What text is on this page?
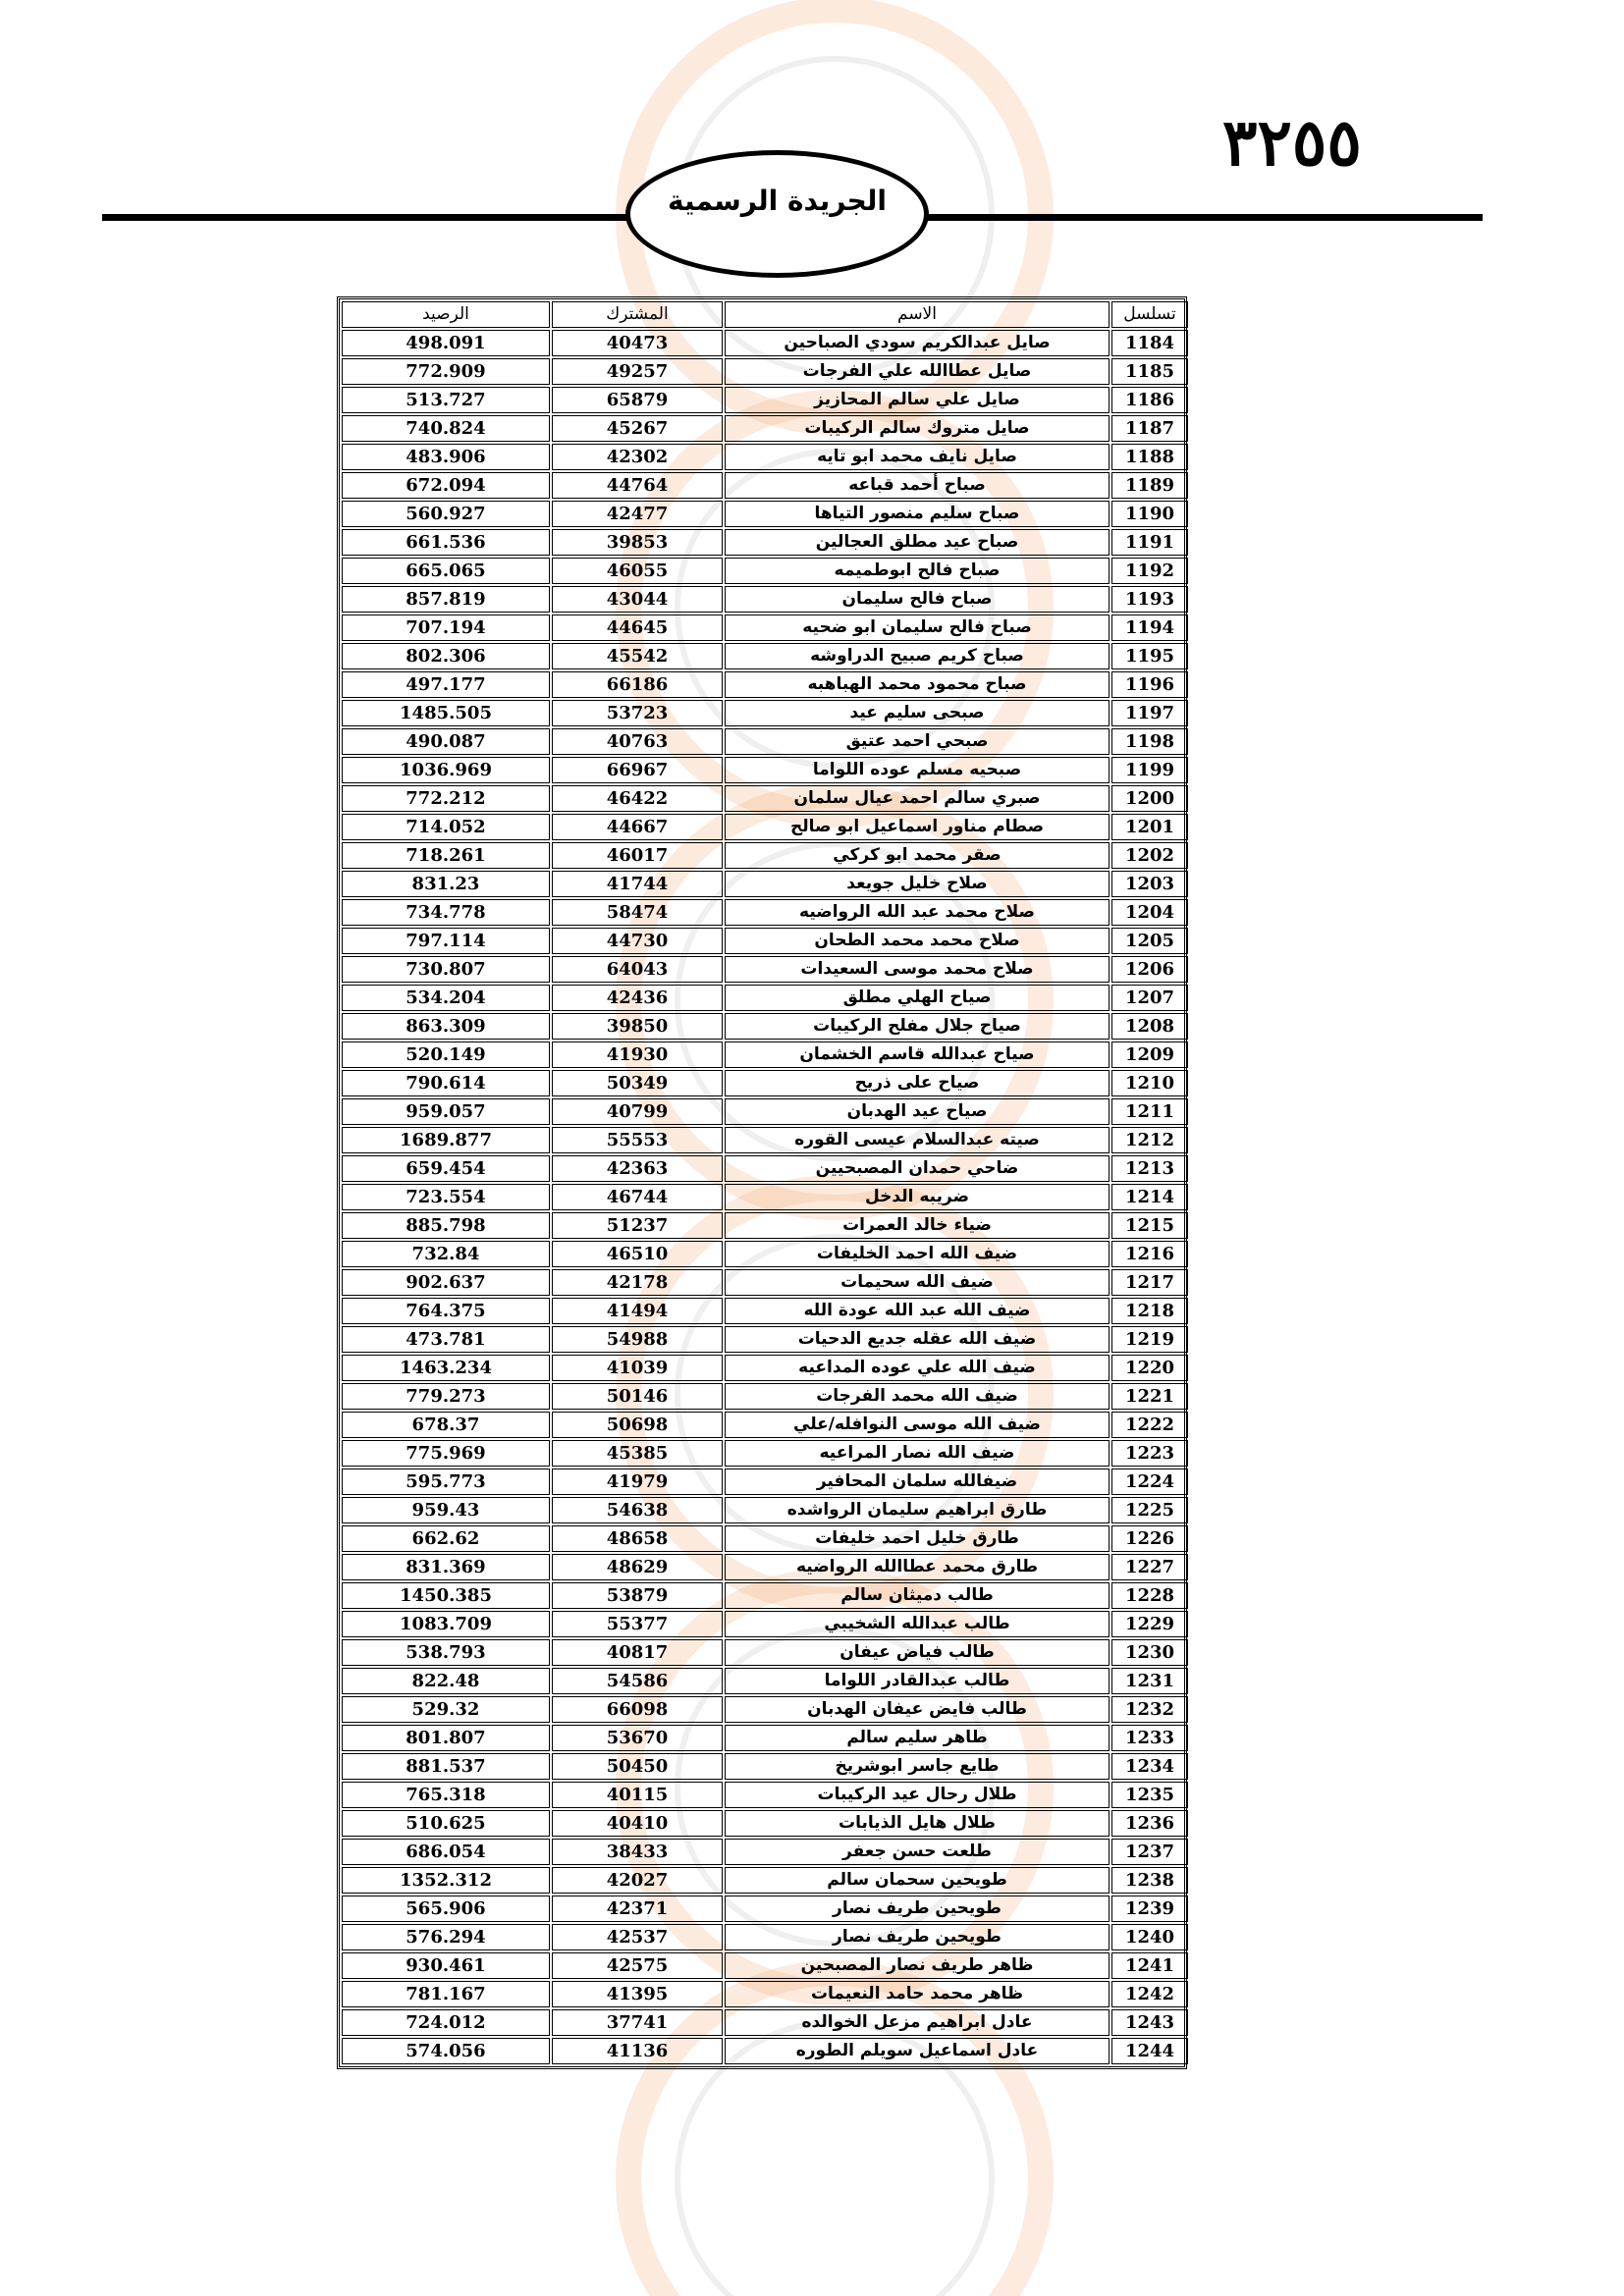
٣٢٥٥
الجريدة الرسمية
تسلسل	الاسم	المشترك	الرصيد
1184	صايل عبدالكريم سودي الصباحين	40473	498.091
1185	صايل عطاالله علي الفرجات	49257	772.909
1186	صايل علي سالم المحازيز	65879	513.727
1187	صايل متروك سالم الركيبات	45267	740.824
1188	صايل نايف محمد ابو تايه	42302	483.906
1189	صباح أحمد قباعه	44764	672.094
1190	صباح سليم منصور التياها	42477	560.927
1191	صباح عيد مطلق العجالين	39853	661.536
1192	صباح فالح ابوطميمه	46055	665.065
1193	صباح فالح سليمان	43044	857.819
1194	صباح فالح سليمان ابو ضحيه	44645	707.194
1195	صباح كريم صبيح الدراوشه	45542	802.306
1196	صباح محمود محمد الهباهبه	66186	497.177
1197	صبحى سليم عيد	53723	1485.505
1198	صبحي احمد عتيق	40763	490.087
1199	صبحيه مسلم عوده اللواما	66967	1036.969
1200	صبري سالم احمد عيال سلمان	46422	772.212
1201	صطام مناور اسماعيل ابو صالح	44667	714.052
1202	صقر محمد ابو كركي	46017	718.261
1203	صلاح خليل جويعد	41744	831.23
1204	صلاح محمد عبد الله الرواضيه	58474	734.778
1205	صلاح محمد محمد الطحان	44730	797.114
1206	صلاح محمد موسى السعيدات	64043	730.807
1207	صياح الهلي مطلق	42436	534.204
1208	صياح جلال مفلح الركيبات	39850	863.309
1209	صياح عبدالله قاسم الخشمان	41930	520.149
1210	صياح على ذريح	50349	790.614
1211	صياح عيد الهدبان	40799	959.057
1212	صيته عبدالسلام عيسى القوره	55553	1689.877
1213	ضاحي حمدان المصبحيين	42363	659.454
1214	ضريبه الدخل	46744	723.554
1215	ضياء خالد العمرات	51237	885.798
1216	ضيف الله احمد الخليفات	46510	732.84
1217	ضيف الله سحيمات	42178	902.637
1218	ضيف الله عبد الله عودة الله	41494	764.375
1219	ضيف الله عقله جديع الدحيات	54988	473.781
1220	ضيف الله علي عوده المداعيه	41039	1463.234
1221	ضيف الله محمد الفرجات	50146	779.273
1222	ضيف الله موسى النوافله/علي	50698	678.37
1223	ضيف الله نصار المراعيه	45385	775.969
1224	ضيفالله سلمان المحافير	41979	595.773
1225	طارق ابراهيم سليمان الرواشده	54638	959.43
1226	طارق خليل احمد خليفات	48658	662.62
1227	طارق محمد عطاالله الرواضيه	48629	831.369
1228	طالب دميثان سالم	53879	1450.385
1229	طالب عبدالله الشخيبي	55377	1083.709
1230	طالب فياض عيفان	40817	538.793
1231	طالب عبدالقادر اللواما	54586	822.48
1232	طالب فايض عيفان الهدبان	66098	529.32
1233	طاهر سليم سالم	53670	801.807
1234	طايع جاسر ابوشريخ	50450	881.537
1235	طلال رحال عيد الركيبات	40115	765.318
1236	طلال هايل الذيابات	40410	510.625
1237	طلعت حسن جعفر	38433	686.054
1238	طويحين سحمان سالم	42027	1352.312
1239	طويحين طريف نصار	42371	565.906
1240	طويحين طريف نصار	42537	576.294
1241	ظاهر طريف نصار المصبحين	42575	930.461
1242	ظاهر محمد حامد النعيمات	41395	781.167
1243	عادل ابراهيم مزعل الخوالده	37741	724.012
1244	عادل اسماعيل سويلم الطوره	41136	574.056
